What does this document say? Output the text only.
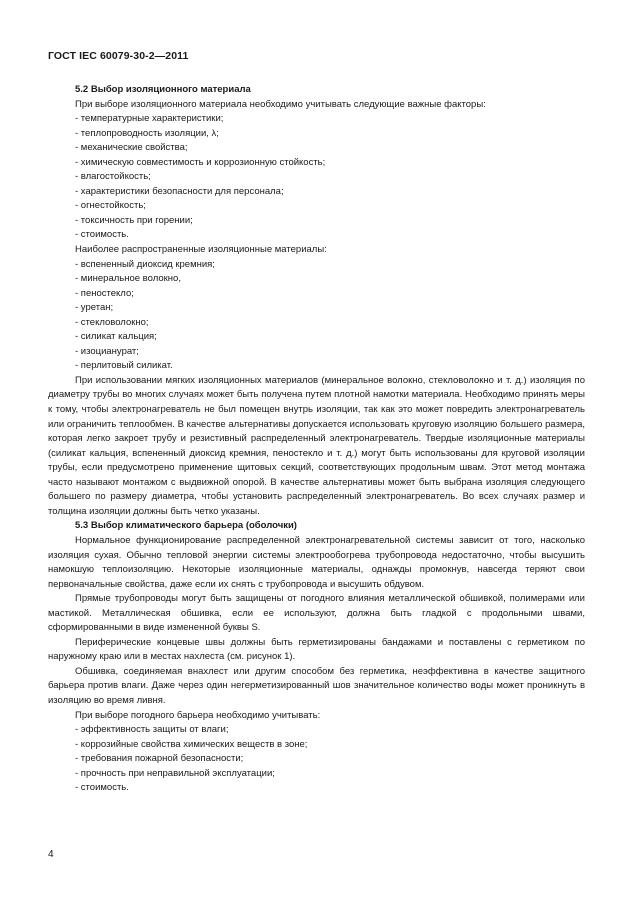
ГОСТ IEC 60079-30-2—2011

5.2 Выбор изоляционного материала

При выборе изоляционного материала необходимо учитывать следующие важные факторы:

- температурные характеристики;
- теплопроводность изоляции, λ;
- механические свойства;
- химическую совместимость и коррозионную стойкость;
- влагостойкость;
- характеристики безопасности для персонала;
- огнестойкость;
- токсичность при горении;
- стоимость.

Наиболее распространенные изоляционные материалы:

- вспененный диоксид кремния;
- минеральное волокно,
- пеностекло;
- уретан;
- стекловолокно;
- силикат кальция;
- изоцианурат;
- перлитовый силикат.

При использовании мягких изоляционных материалов (минеральное волокно, стекловолокно и т. д.) изоляция по диаметру трубы во многих случаях может быть получена путем плотной намотки материала. Необходимо принять меры к тому, чтобы электронагреватель не был помещен внутрь изоляции, так как это может повредить электронагреватель или ограничить теплообмен. В качестве альтернативы допускается использовать круговую изоляцию большего размера, которая легко закроет трубу и резистивный распределенный электронагреватель. Твердые изоляционные материалы (силикат кальция, вспененный диоксид кремния, пеностекло и т. д.) могут быть использованы для круговой изоляции трубы, если предусмотрено применение щитовых секций, соответствующих продольным швам. Этот метод монтажа часто называют монтажом с выдвижной опорой. В качестве альтернативы может быть выбрана изоляция следующего большего по размеру диаметра, чтобы установить распределенный электронагреватель. Во всех случаях размер и толщина изоляции должны быть четко указаны.

5.3 Выбор климатического барьера (оболочки)

Нормальное функционирование распределенной электронагревательной системы зависит от того, насколько изоляция сухая. Обычно тепловой энергии системы электрообогрева трубопровода недостаточно, чтобы высушить намокшую теплоизоляцию. Некоторые изоляционные материалы, однажды промокнув, навсегда теряют свои первоначальные свойства, даже если их снять с трубопровода и высушить обдувом.

Прямые трубопроводы могут быть защищены от погодного влияния металлической обшивкой, полимерами или мастикой. Металлическая обшивка, если ее используют, должна быть гладкой с продольными швами, сформированными в виде измененной буквы S.

Периферические концевые швы должны быть герметизированы бандажами и поставлены с герметиком по наружному краю или в местах нахлеста (см. рисунок 1).

Обшивка, соединяемая внахлест или другим способом без герметика, неэффективна в качестве защитного барьера против влаги. Даже через один негерметизированный шов значительное количество воды может проникнуть в изоляцию во время ливня.

При выборе погодного барьера необходимо учитывать:

- эффективность защиты от влаги;
- коррозийные свойства химических веществ в зоне;
- требования пожарной безопасности;
- прочность при неправильной эксплуатации;
- стоимость.
4
